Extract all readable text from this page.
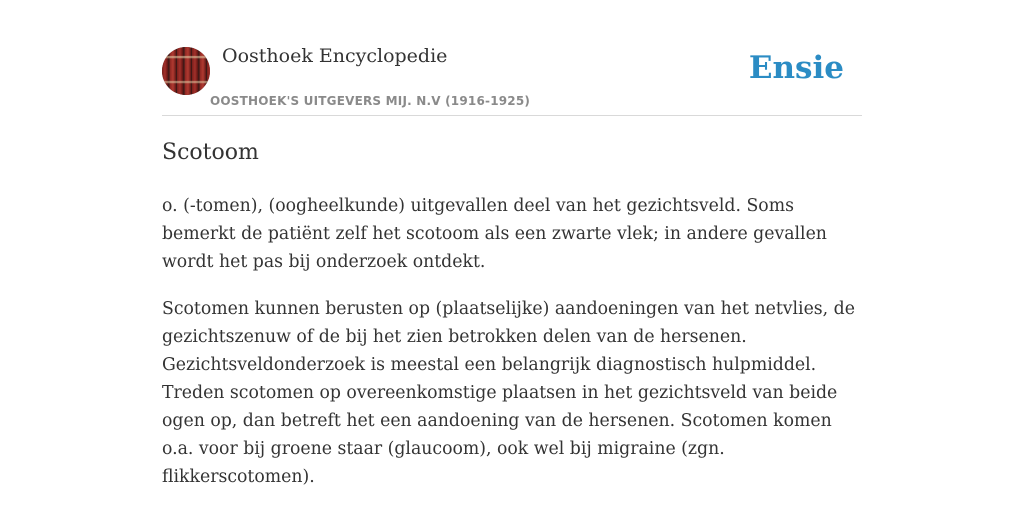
Oosthoek Encyclopedie
OOSTHOEK'S UITGEVERS MIJ. N.V (1916-1925)
Ensie
Scotoom

o. (-tomen), (oogheelkunde) uitgevallen deel van het gezichtsveld. Soms bemerkt de patiënt zelf het scotoom als een zwarte vlek; in andere gevallen wordt het pas bij onderzoek ontdekt.

Scotomen kunnen berusten op (plaatselijke) aandoeningen van het netvlies, de gezichtszenuw of de bij het zien betrokken delen van de hersenen. Gezichtsveldonderzoek is meestal een belangrijk diagnostisch hulpmiddel. Treden scotomen op overeenkomstige plaatsen in het gezichtsveld van beide ogen op, dan betreft het een aandoening van de hersenen. Scotomen komen o.a. voor bij groene staar (glaucoom), ook wel bij migraine (zgn. flikkerscotomen).
